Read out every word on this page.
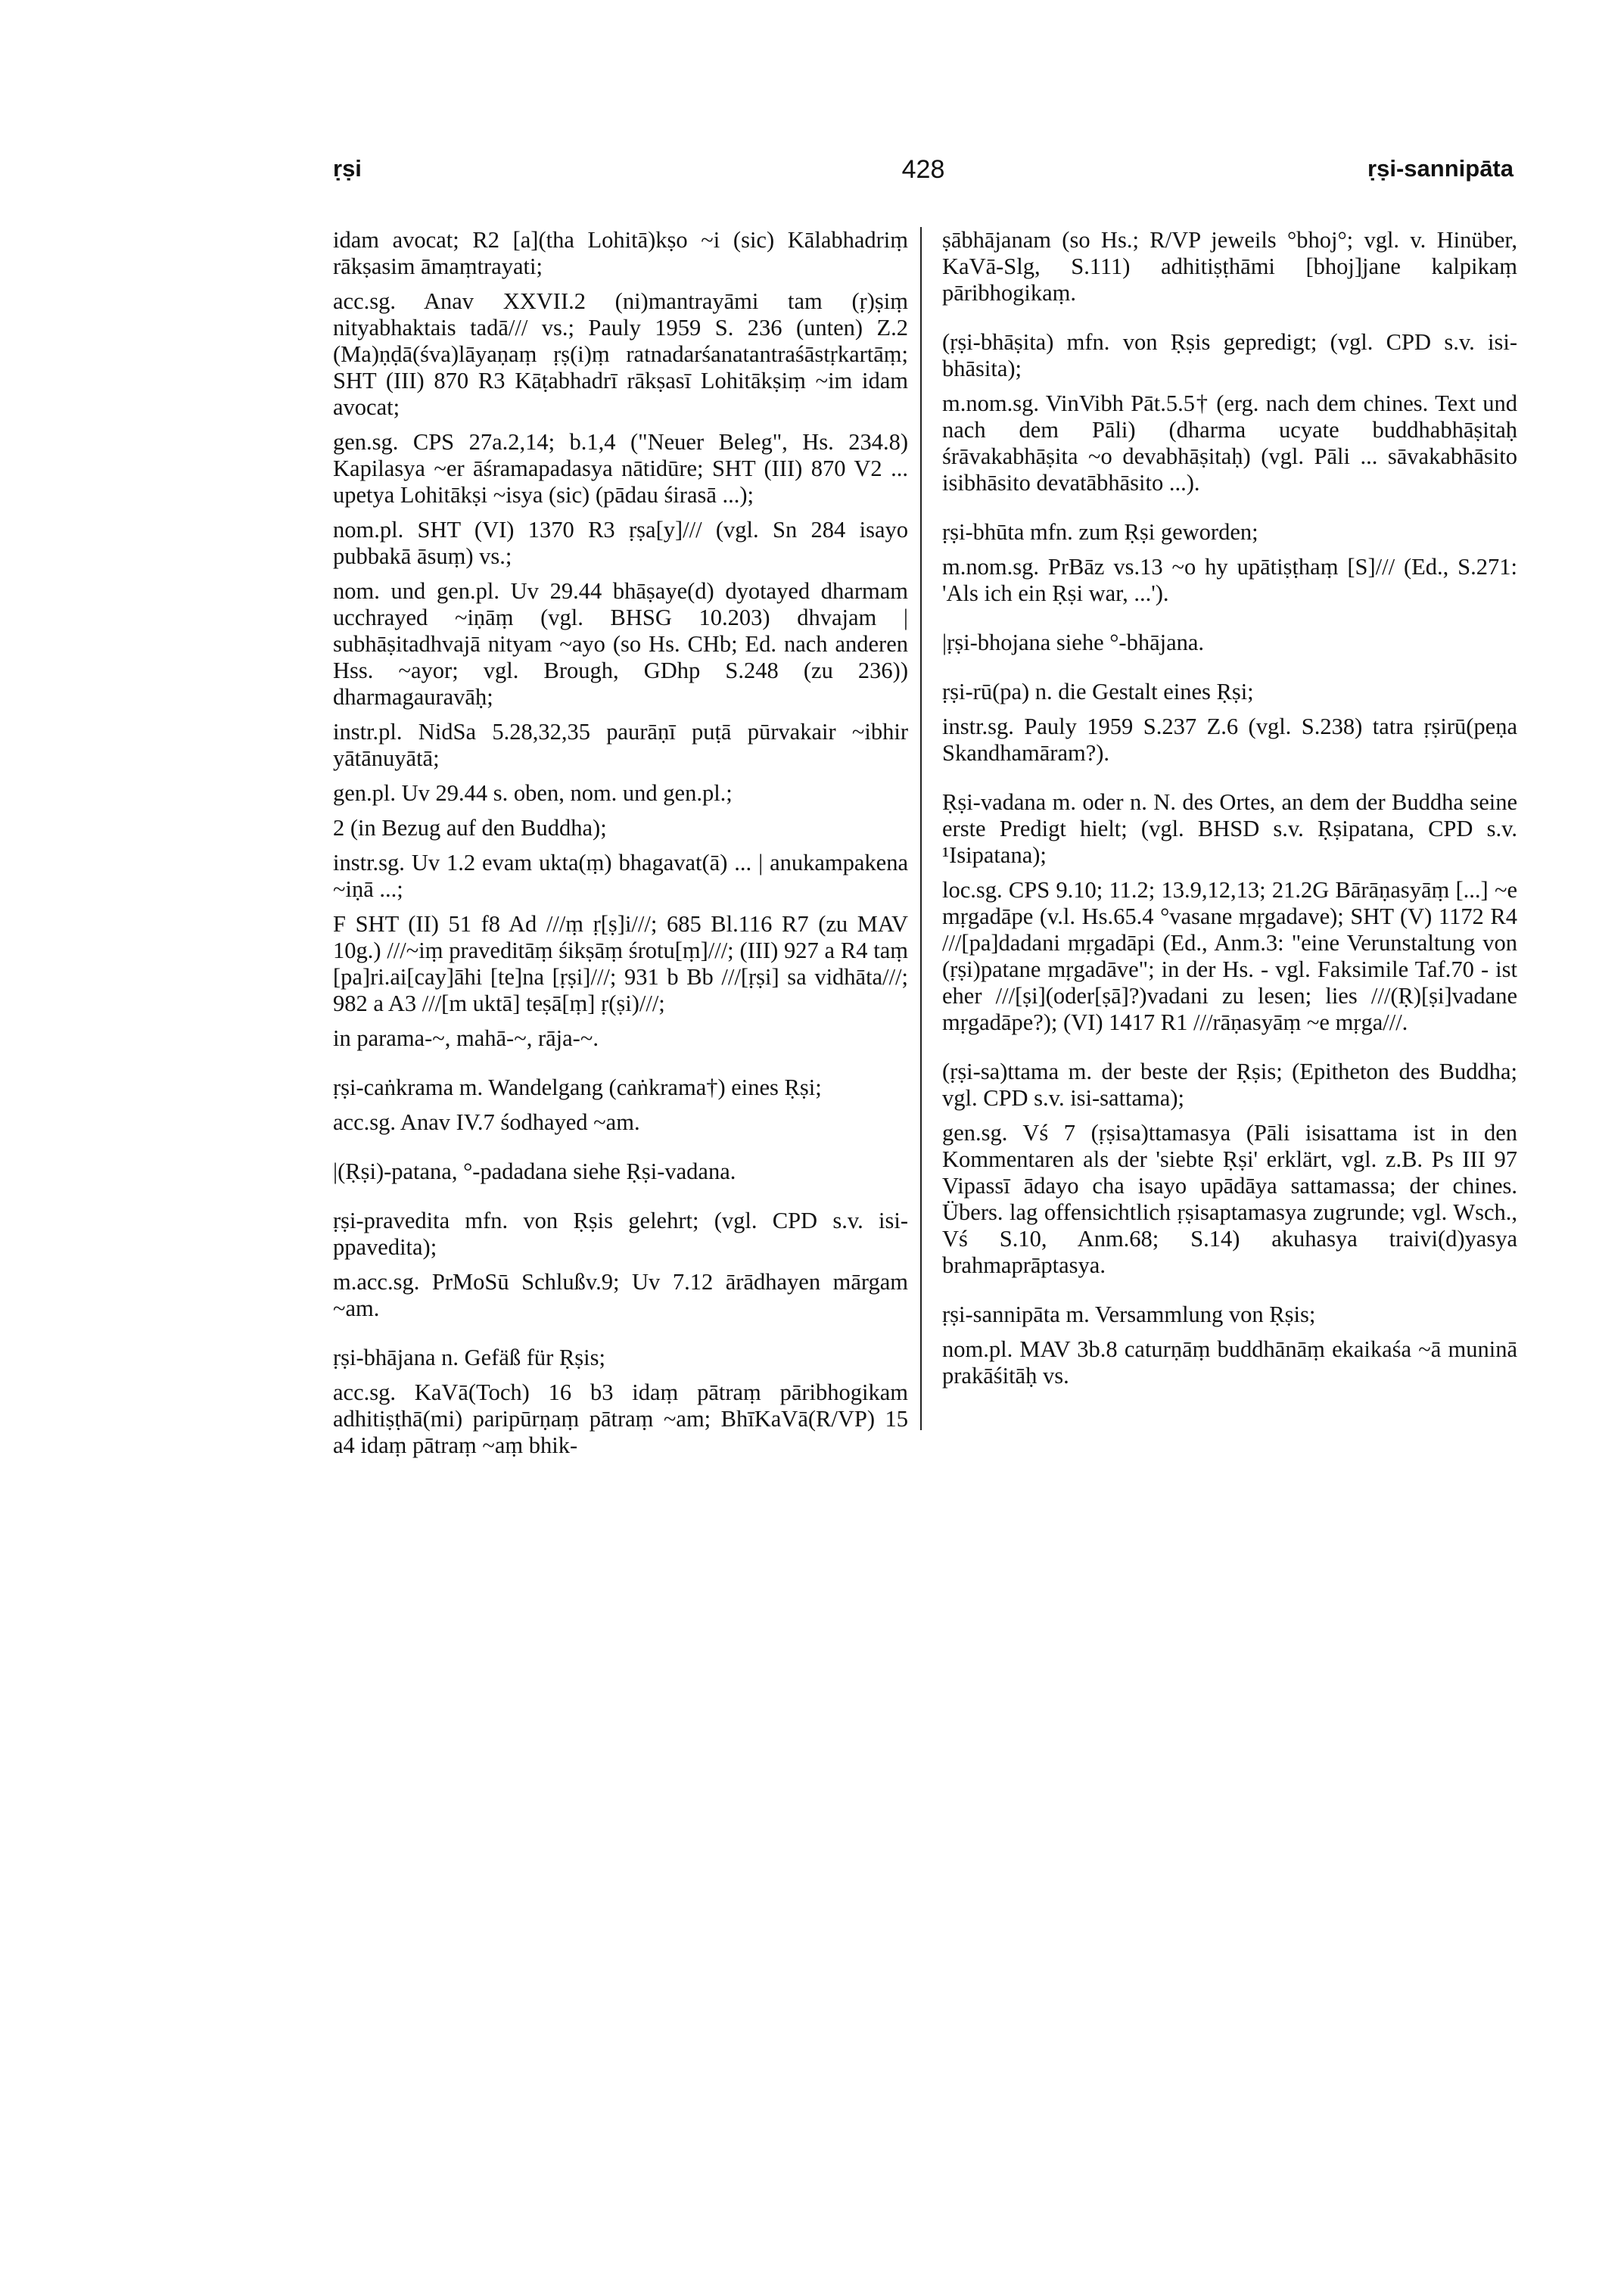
ṛṣi	428	ṛṣi-sannipāta

idam avocat; R2 [a](tha Lohitā)kṣo ~i (sic) Kālabhadriṃ rākṣasim āmaṃtrayati;

acc.sg. Anav XXVII.2 (ni)mantrayāmi tam (ṛ)ṣiṃ nityabhaktais tadā/// vs.; Pauly 1959 S. 236 (unten) Z.2 (Ma)ṇḍā(śva)lāyaṇaṃ ṛṣ(i)ṃ ratnadarśanatantraśāstṛkartāṃ; SHT (III) 870 R3 Kāṭabhadrī rākṣasī Lohitākṣiṃ ~im idam avocat;

gen.sg. CPS 27a.2,14; b.1,4 ("Neuer Beleg", Hs. 234.8) Kapilasya ~er āśramapadasya nātidūre; SHT (III) 870 V2 ... upetya Lohitākṣi ~isya (sic) (pādau śirasā ...);

nom.pl. SHT (VI) 1370 R3 ṛṣa[y]/// (vgl. Sn 284 isayo pubbakā āsuṃ) vs.;

nom. und gen.pl. Uv 29.44 bhāṣaye(d) dyotayed dharmam ucchrayed ~iṇāṃ (vgl. BHSG 10.203) dhvajam | subhāṣitadhvajā nityam ~ayo (so Hs. CHb; Ed. nach anderen Hss. ~ayor; vgl. Brough, GDhp S.248 (zu 236)) dharmagauravāḥ;

instr.pl. NidSa 5.28,32,35 paurāṇī puṭā pūrvakair ~ibhir yātānuyātā;

gen.pl. Uv 29.44 s. oben, nom. und gen.pl.;

2 (in Bezug auf den Buddha);

instr.sg. Uv 1.2 evam ukta(ṃ) bhagavat(ā) ... | anukampakena ~iṇā ...;

F SHT (II) 51 f8 Ad ///ṃ ṛ[ṣ]i///; 685 Bl.116 R7 (zu MAV 10g.) ///~iṃ praveditāṃ śikṣāṃ śrotu[ṃ]///; (III) 927 a R4 taṃ [pa]ri.ai[cay]āhi [te]na [ṛṣi]///; 931 b Bb ///[ṛṣi] sa vidhāta///; 982 a A3 ///[m uktā] teṣā[ṃ] ṛ(ṣi)///;

in parama-~, mahā-~, rāja-~.

ṛṣi-caṅkrama m. Wandelgang (caṅkrama†) eines Ṛṣi;

acc.sg. Anav IV.7 śodhayed ~am.

|(Ṛṣi)-patana, °-padadana siehe Ṛṣi-vadana.

ṛṣi-pravedita mfn. von Ṛṣis gelehrt; (vgl. CPD s.v. isi-ppavedita);

m.acc.sg. PrMoSū Schlußv.9; Uv 7.12 ārādhayen mārgam ~am.

ṛṣi-bhājana n. Gefäß für Ṛṣis;

acc.sg. KaVā(Toch) 16 b3 idaṃ pātraṃ pāribhogikam adhitiṣṭhā(mi) paripūrṇaṃ pātraṃ ~am; BhīKaVā(R/VP) 15 a4 idaṃ pātraṃ ~aṃ bhik-

ṣābhājanam (so Hs.; R/VP jeweils °bhoj°; vgl. v. Hinüber, KaVā-Slg, S.111) adhitiṣṭhāmi [bhoj]jane kalpikaṃ pāribhogikaṃ.

(ṛṣi-bhāṣita) mfn. von Ṛṣis gepredigt; (vgl. CPD s.v. isi-bhāsita);

m.nom.sg. VinVibh Pāt.5.5† (erg. nach dem chines. Text und nach dem Pāli) (dharma ucyate buddhabhāṣitaḥ śrāvakabhāṣita ~o devabhāṣitaḥ) (vgl. Pāli ... sāvakabhāsito isibhāsito devatābhāsito ...).

ṛṣi-bhūta mfn. zum Ṛṣi geworden;

m.nom.sg. PrBāz vs.13 ~o hy upātiṣṭhaṃ [S]/// (Ed., S.271: 'Als ich ein Ṛṣi war, ...').

|ṛṣi-bhojana siehe °-bhājana.

ṛṣi-rū(pa) n. die Gestalt eines Ṛṣi;

instr.sg. Pauly 1959 S.237 Z.6 (vgl. S.238) tatra ṛṣirū(peṇa Skandhamāram?).

Ṛṣi-vadana m. oder n. N. des Ortes, an dem der Buddha seine erste Predigt hielt; (vgl. BHSD s.v. Ṛṣipatana, CPD s.v. ¹Isipatana);

loc.sg. CPS 9.10; 11.2; 13.9,12,13; 21.2G Bārāṇasyāṃ [...] ~e mṛgadāpe (v.l. Hs.65.4 °vasane mṛgadave); SHT (V) 1172 R4 ///[pa]dadani mṛgadāpi (Ed., Anm.3: "eine Verunstaltung von (ṛṣi)patane mṛgadāve"; in der Hs. - vgl. Faksimile Taf.70 - ist eher ///[ṣi](oder[ṣā]?)vadani zu lesen; lies ///(Ṛ)[ṣi]vadane mṛgadāpe?); (VI) 1417 R1 ///rāṇasyāṃ ~e mṛga///.

(ṛṣi-sa)ttama m. der beste der Ṛṣis; (Epitheton des Buddha; vgl. CPD s.v. isi-sattama);

gen.sg. Vś 7 (ṛṣisa)ttamasya (Pāli isisattama ist in den Kommentaren als der 'siebte Ṛṣi' erklärt, vgl. z.B. Ps III 97 Vipassī ādayo cha isayo upādāya sattamassa; der chines. Übers. lag offensichtlich ṛṣisaptamasya zugrunde; vgl. Wsch., Vś S.10, Anm.68; S.14) akuhasya traivi(d)yasya brahmaprāptasya.

ṛṣi-sannipāta m. Versammlung von Ṛṣis;

nom.pl. MAV 3b.8 caturṇāṃ buddhānāṃ ekaikaśa ~ā muninā prakāśitāḥ vs.
